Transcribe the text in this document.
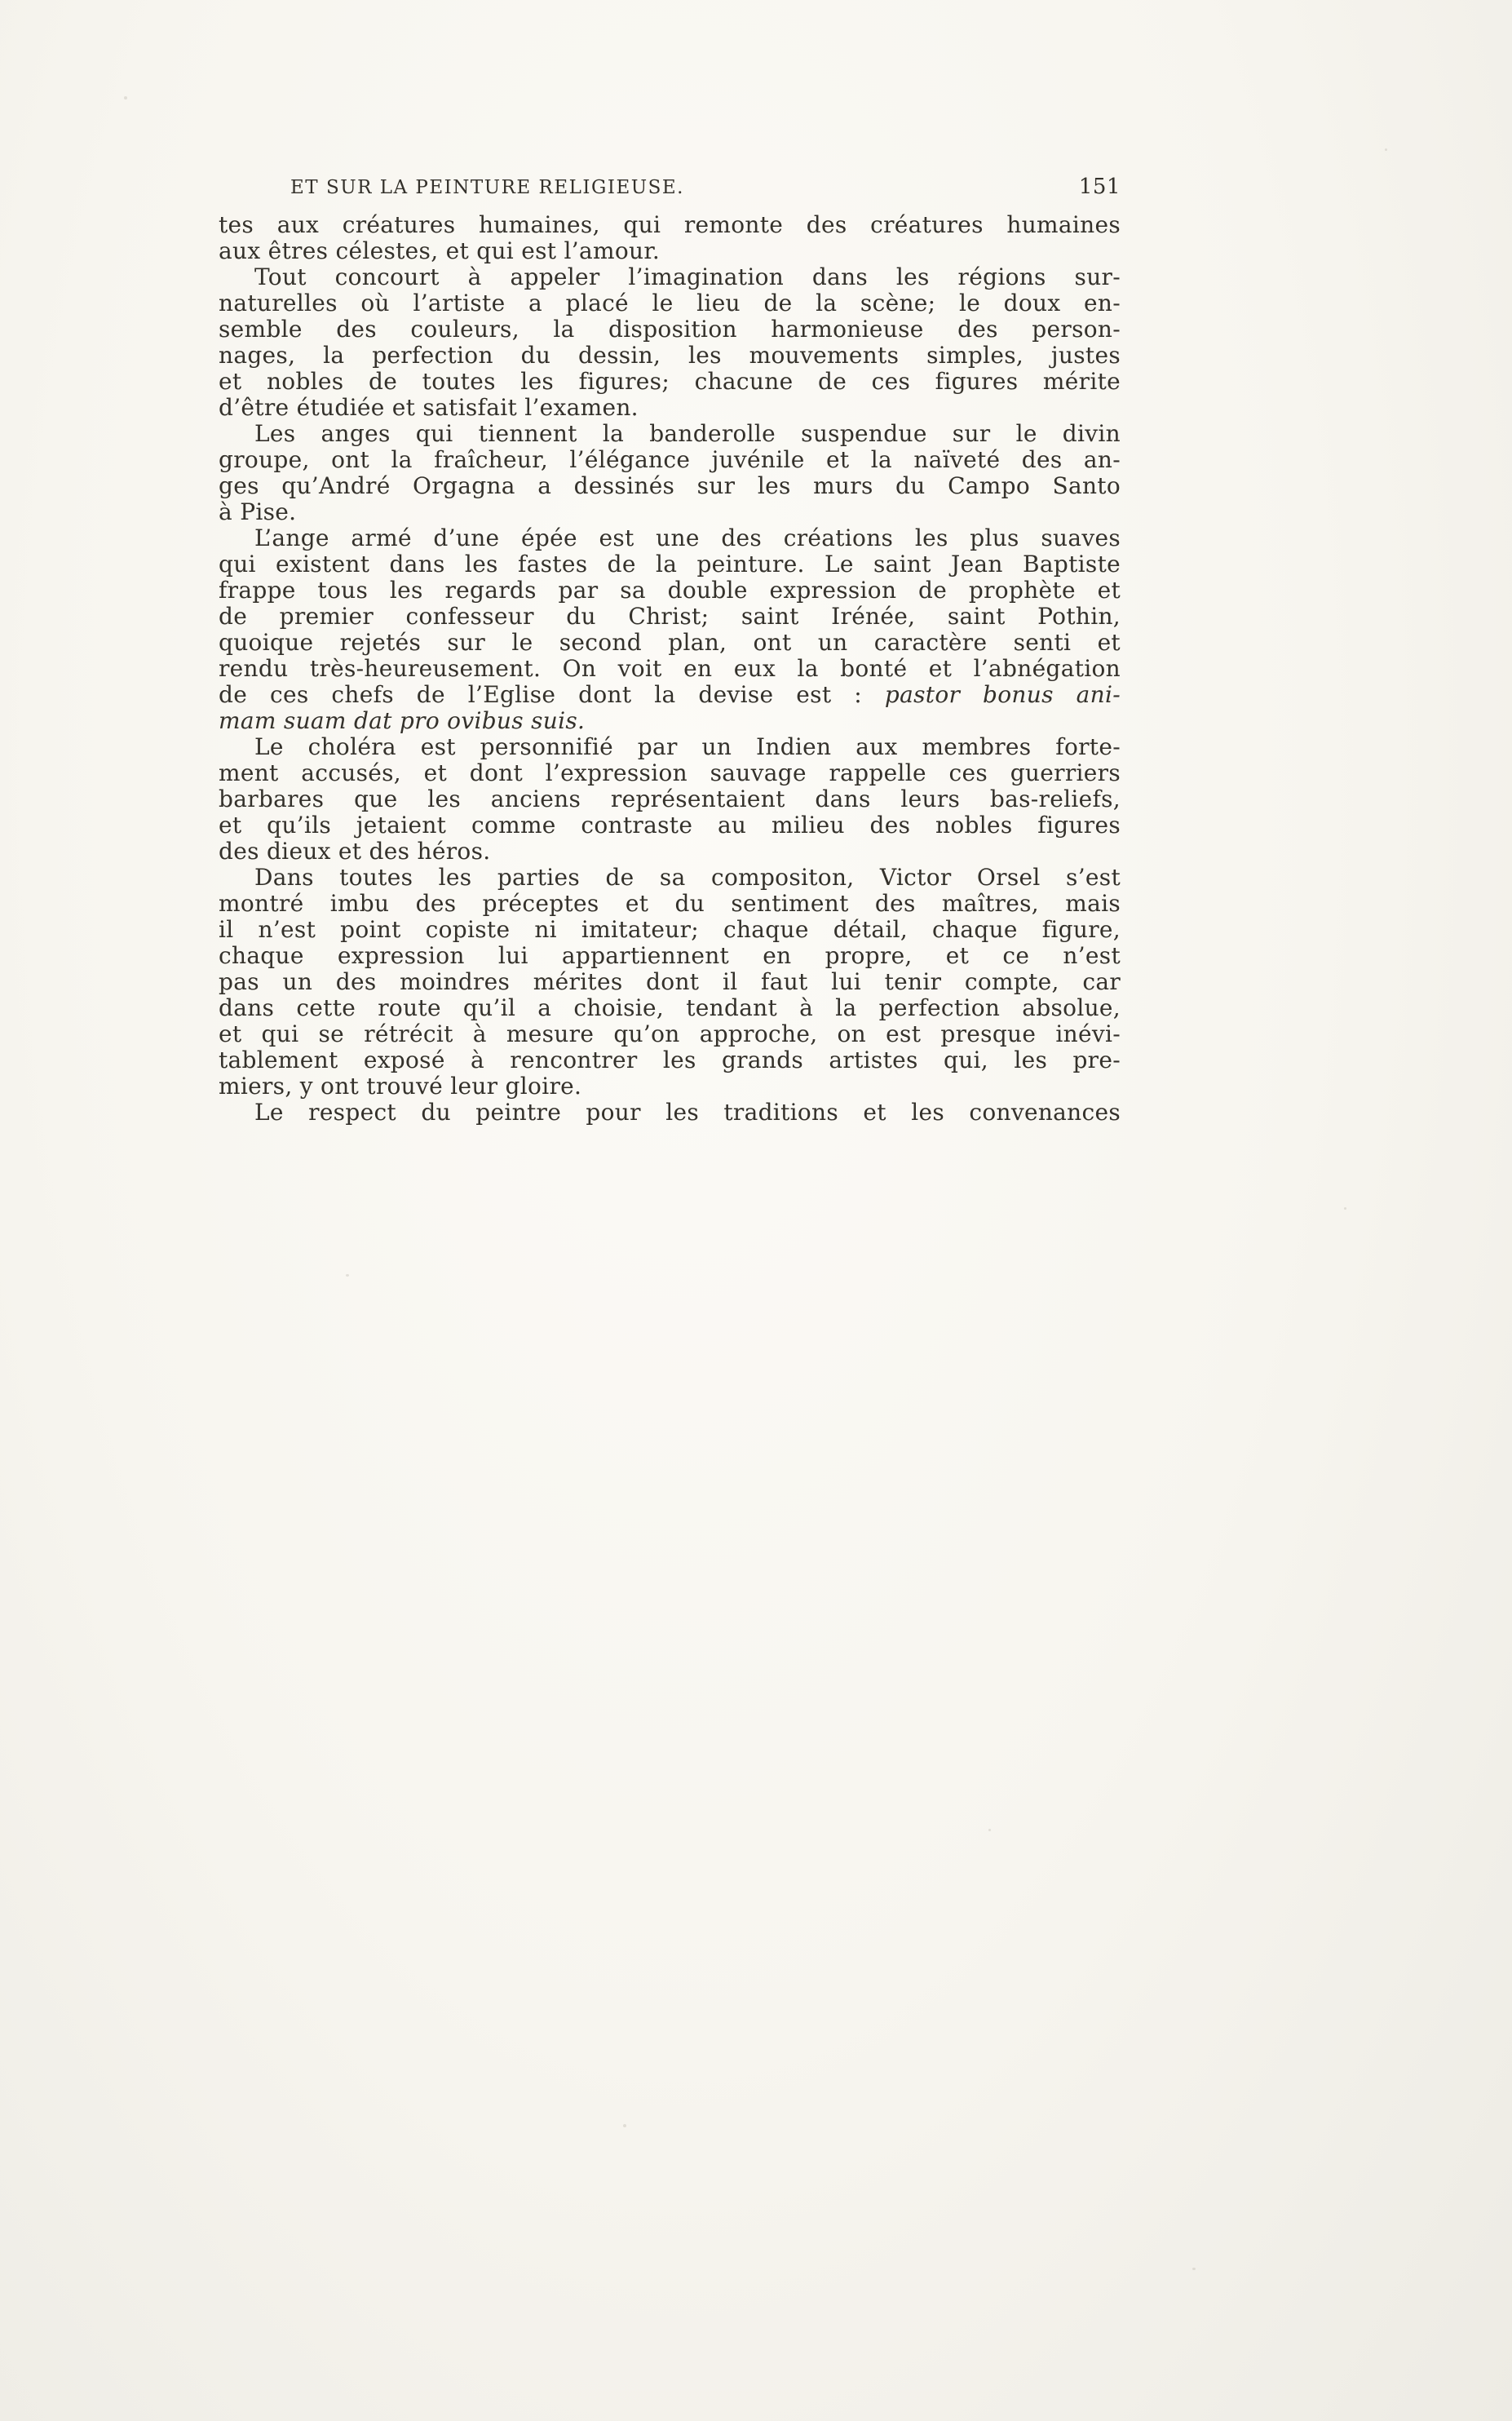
ET SUR LA PEINTURE RELIGIEUSE.	151
tes aux créatures humaines, qui remonte des créatures humaines
aux êtres célestes, et qui est l’amour.
Tout concourt à appeler l’imagination dans les régions sur-
naturelles où l’artiste a placé le lieu de la scène; le doux en-
semble des couleurs, la disposition harmonieuse des person-
nages, la perfection du dessin, les mouvements simples, justes
et nobles de toutes les figures; chacune de ces figures mérite
d’être étudiée et satisfait l’examen.
Les anges qui tiennent la banderolle suspendue sur le divin
groupe, ont la fraîcheur, l’élégance juvénile et la naïveté des an-
ges qu’André Orgagna a dessinés sur les murs du Campo Santo
à Pise.
L’ange armé d’une épée est une des créations les plus suaves
qui existent dans les fastes de la peinture. Le saint Jean Baptiste
frappe tous les regards par sa double expression de prophète et
de premier confesseur du Christ; saint Irénée, saint Pothin,
quoique rejetés sur le second plan, ont un caractère senti et
rendu très-heureusement. On voit en eux la bonté et l’abnégation
de ces chefs de l’Eglise dont la devise est : pastor bonus ani-
mam suam dat pro ovibus suis.
Le choléra est personnifié par un Indien aux membres forte-
ment accusés, et dont l’expression sauvage rappelle ces guerriers
barbares que les anciens représentaient dans leurs bas-reliefs,
et qu’ils jetaient comme contraste au milieu des nobles figures
des dieux et des héros.
Dans toutes les parties de sa compositon, Victor Orsel s’est
montré imbu des préceptes et du sentiment des maîtres, mais
il n’est point copiste ni imitateur; chaque détail, chaque figure,
chaque expression lui appartiennent en propre, et ce n’est
pas un des moindres mérites dont il faut lui tenir compte, car
dans cette route qu’il a choisie, tendant à la perfection absolue,
et qui se rétrécit à mesure qu’on approche, on est presque inévi-
tablement exposé à rencontrer les grands artistes qui, les pre-
miers, y ont trouvé leur gloire.
Le respect du peintre pour les traditions et les convenances
